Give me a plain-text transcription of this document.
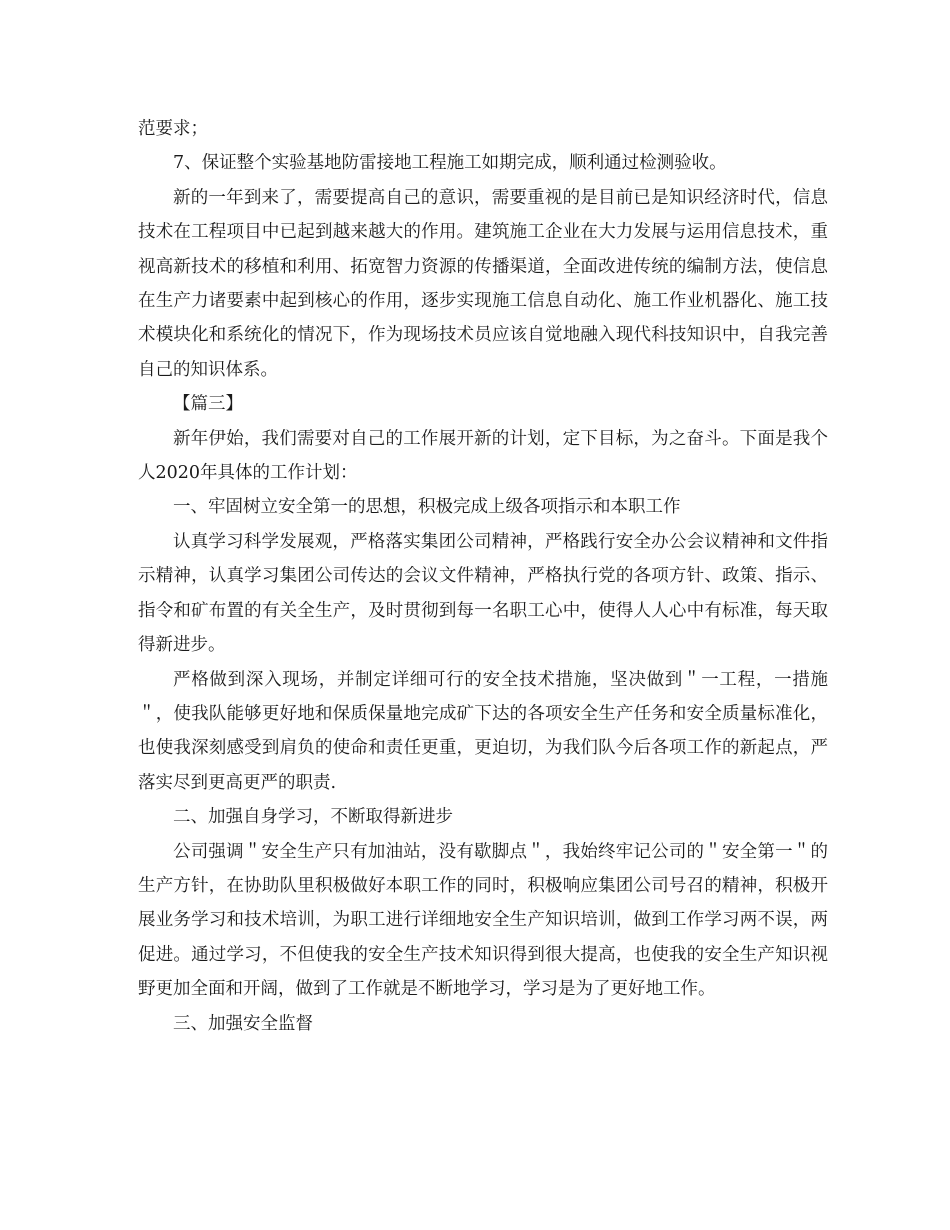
范要求；

7、保证整个实验基地防雷接地工程施工如期完成，顺利通过检测验收。

新的一年到来了，需要提高自己的意识，需要重视的是目前已是知识经济时代，信息技术在工程项目中已起到越来越大的作用。建筑施工企业在大力发展与运用信息技术，重视高新技术的移植和利用、拓宽智力资源的传播渠道，全面改进传统的编制方法，使信息在生产力诸要素中起到核心的作用，逐步实现施工信息自动化、施工作业机器化、施工技术模块化和系统化的情况下，作为现场技术员应该自觉地融入现代科技知识中，自我完善自己的知识体系。

【篇三】

新年伊始，我们需要对自己的工作展开新的计划，定下目标，为之奋斗。下面是我个人2020年具体的工作计划：

一、牢固树立安全第一的思想，积极完成上级各项指示和本职工作

认真学习科学发展观，严格落实集团公司精神，严格践行安全办公会议精神和文件指示精神，认真学习集团公司传达的会议文件精神，严格执行党的各项方针、政策、指示、指令和矿布置的有关全生产，及时贯彻到每一名职工心中，使得人人心中有标准，每天取得新进步。

严格做到深入现场，并制定详细可行的安全技术措施，坚决做到＂一工程，一措施＂，使我队能够更好地和保质保量地完成矿下达的各项安全生产任务和安全质量标准化，也使我深刻感受到肩负的使命和责任更重，更迫切，为我们队今后各项工作的新起点，严落实尽到更高更严的职责.

二、加强自身学习，不断取得新进步

公司强调＂安全生产只有加油站，没有歇脚点＂，我始终牢记公司的＂安全第一＂的生产方针，在协助队里积极做好本职工作的同时，积极响应集团公司号召的精神，积极开展业务学习和技术培训，为职工进行详细地安全生产知识培训，做到工作学习两不误，两促进。通过学习，不但使我的安全生产技术知识得到很大提高，也使我的安全生产知识视野更加全面和开阔，做到了工作就是不断地学习，学习是为了更好地工作。

三、加强安全监督
